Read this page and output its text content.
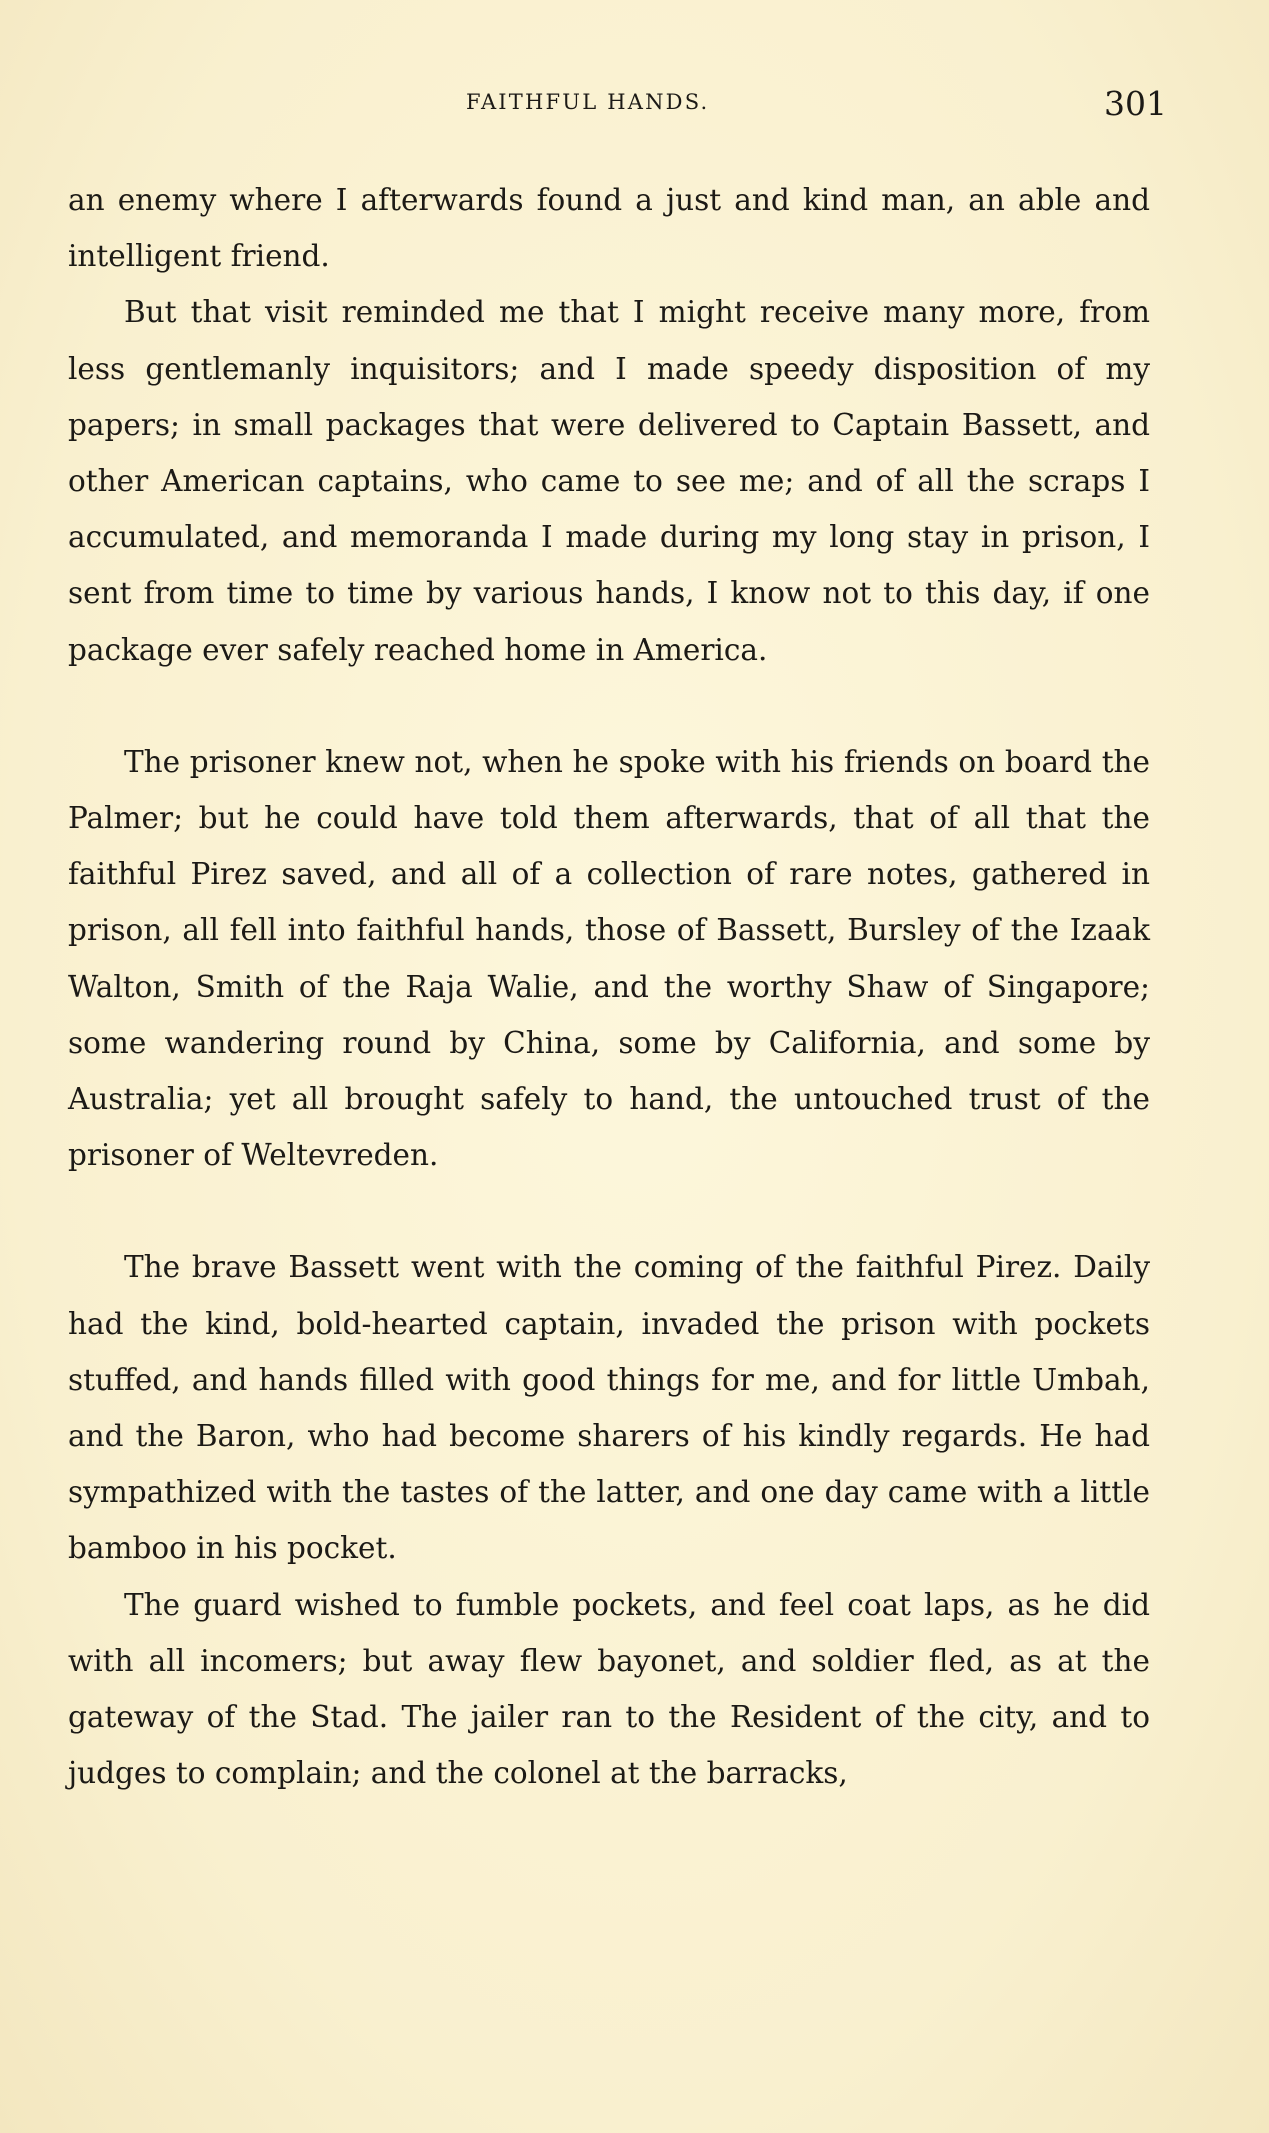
FAITHFUL HANDS.	301

an enemy where I afterwards found a just and kind man, an able and intelligent friend.

But that visit reminded me that I might receive many more, from less gentlemanly inquisitors; and I made speedy disposition of my papers; in small packages that were delivered to Captain Bassett, and other American captains, who came to see me; and of all the scraps I accumulated, and memoranda I made during my long stay in prison, I sent from time to time by various hands, I know not to this day, if one package ever safely reached home in America.

The prisoner knew not, when he spoke with his friends on board the Palmer; but he could have told them afterwards, that of all that the faithful Pirez saved, and all of a collection of rare notes, gathered in prison, all fell into faithful hands, those of Bassett, Bursley of the Izaak Walton, Smith of the Raja Walie, and the worthy Shaw of Singapore; some wandering round by China, some by California, and some by Australia; yet all brought safely to hand, the untouched trust of the prisoner of Weltevreden.

The brave Bassett went with the coming of the faithful Pirez. Daily had the kind, bold-hearted captain, invaded the prison with pockets stuffed, and hands filled with good things for me, and for little Umbah, and the Baron, who had become sharers of his kindly regards. He had sympathized with the tastes of the latter, and one day came with a little bamboo in his pocket.

The guard wished to fumble pockets, and feel coat laps, as he did with all incomers; but away flew bayonet, and soldier fled, as at the gateway of the Stad. The jailer ran to the Resident of the city, and to judges to complain; and the colonel at the barracks,
